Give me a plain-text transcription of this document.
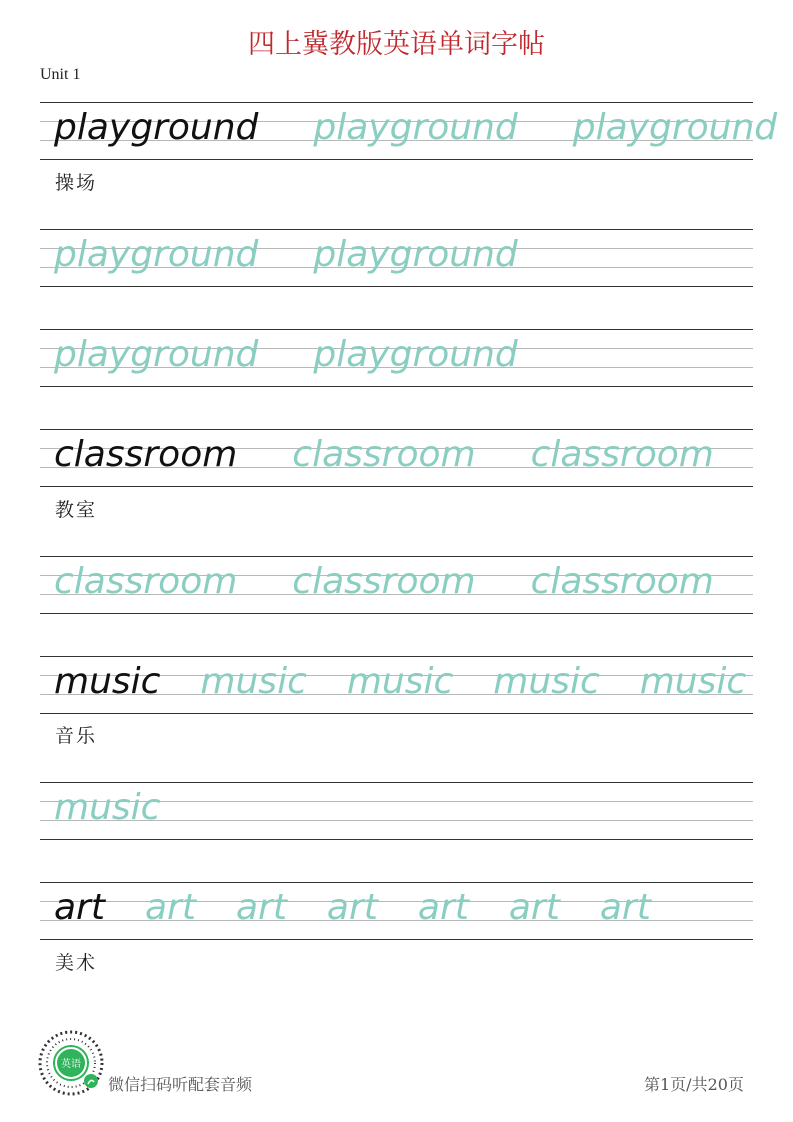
四上冀教版英语单词字帖
Unit 1
playground playground playground
playground playground
playground playground
操场
classroom classroom classroom
classroom classroom classroom
教室
music music music music music
music
音乐
art art art art art art art
美术
英语
微信扫码听配套音频	第1页/共20页
